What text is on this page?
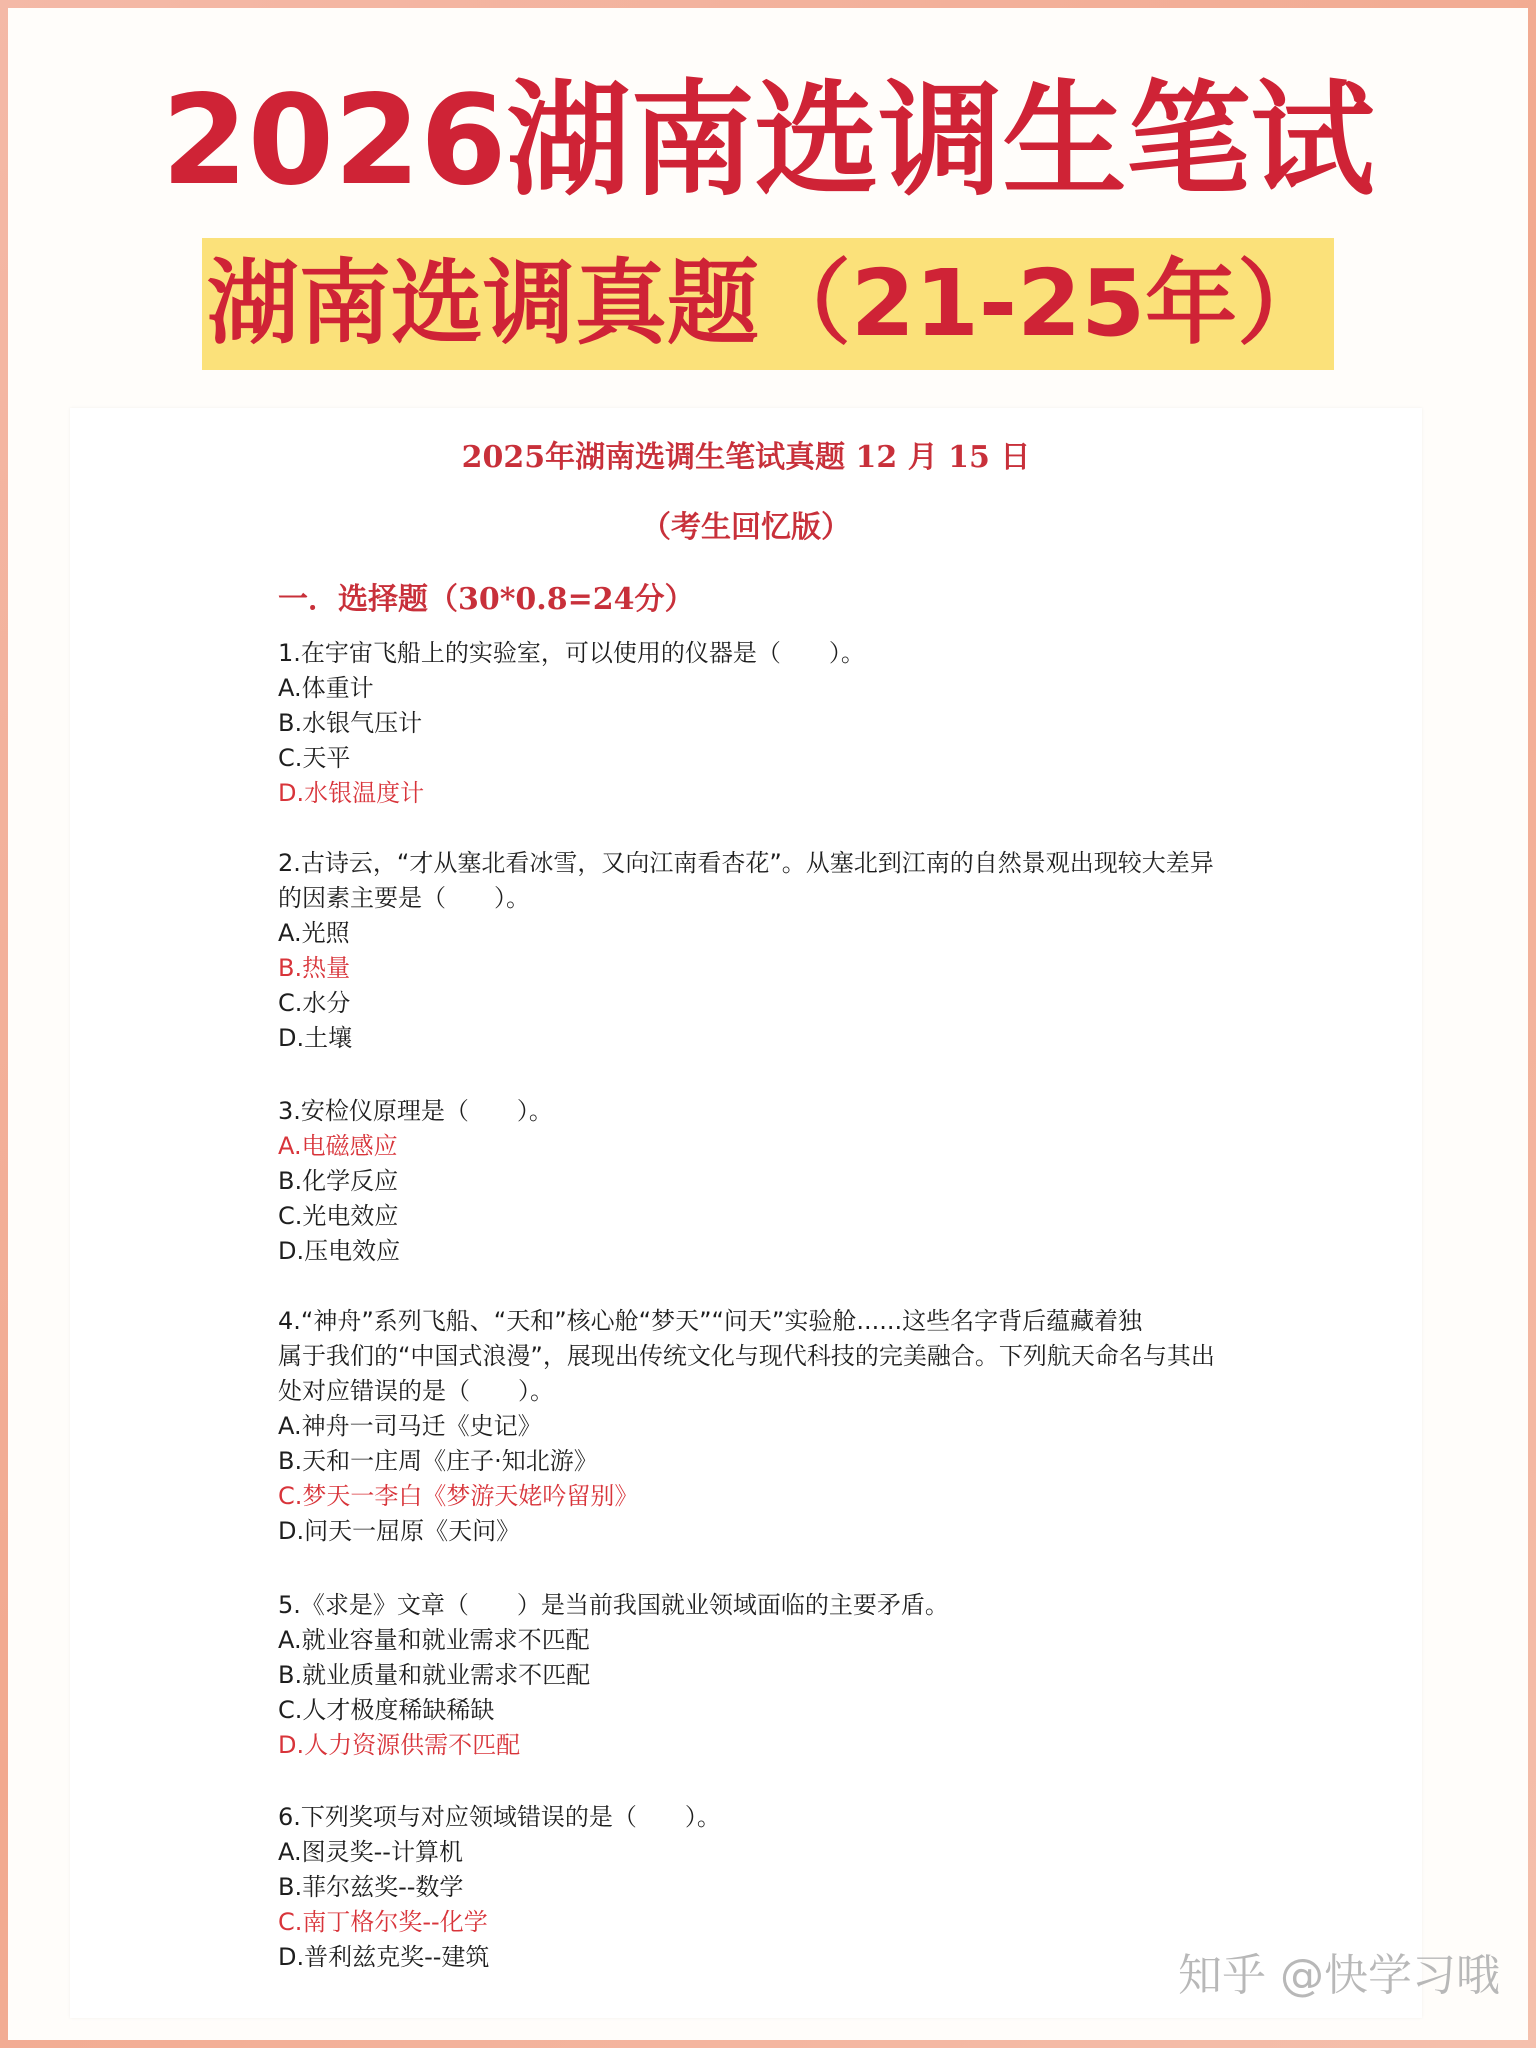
2026湖南选调生笔试
湖南选调真题（21-25年）
2025年湖南选调生笔试真题 12 月 15 日
（考生回忆版）
一．选择题（30*0.8=24分）
1.在宇宙飞船上的实验室，可以使用的仪器是（　　）。
A.体重计
B.水银气压计
C.天平
D.水银温度计
2.古诗云，“才从塞北看冰雪，又向江南看杏花”。从塞北到江南的自然景观出现较大差异
的因素主要是（　　）。
A.光照
B.热量
C.水分
D.土壤
3.安检仪原理是（　　）。
A.电磁感应
B.化学反应
C.光电效应
D.压电效应
4.“神舟”系列飞船、“天和”核心舱“梦天”“问天”实验舱......这些名字背后蕴藏着独
属于我们的“中国式浪漫”，展现出传统文化与现代科技的完美融合。下列航天命名与其出
处对应错误的是（　　）。
A.神舟一司马迁《史记》
B.天和一庄周《庄子·知北游》
C.梦天一李白《梦游天姥吟留别》
D.问天一屈原《天问》
5.《求是》文章（　　）是当前我国就业领域面临的主要矛盾。
A.就业容量和就业需求不匹配
B.就业质量和就业需求不匹配
C.人才极度稀缺稀缺
D.人力资源供需不匹配
6.下列奖项与对应领域错误的是（　　）。
A.图灵奖--计算机
B.菲尔兹奖--数学
C.南丁格尔奖--化学
D.普利兹克奖--建筑	知乎 @快学习哦
